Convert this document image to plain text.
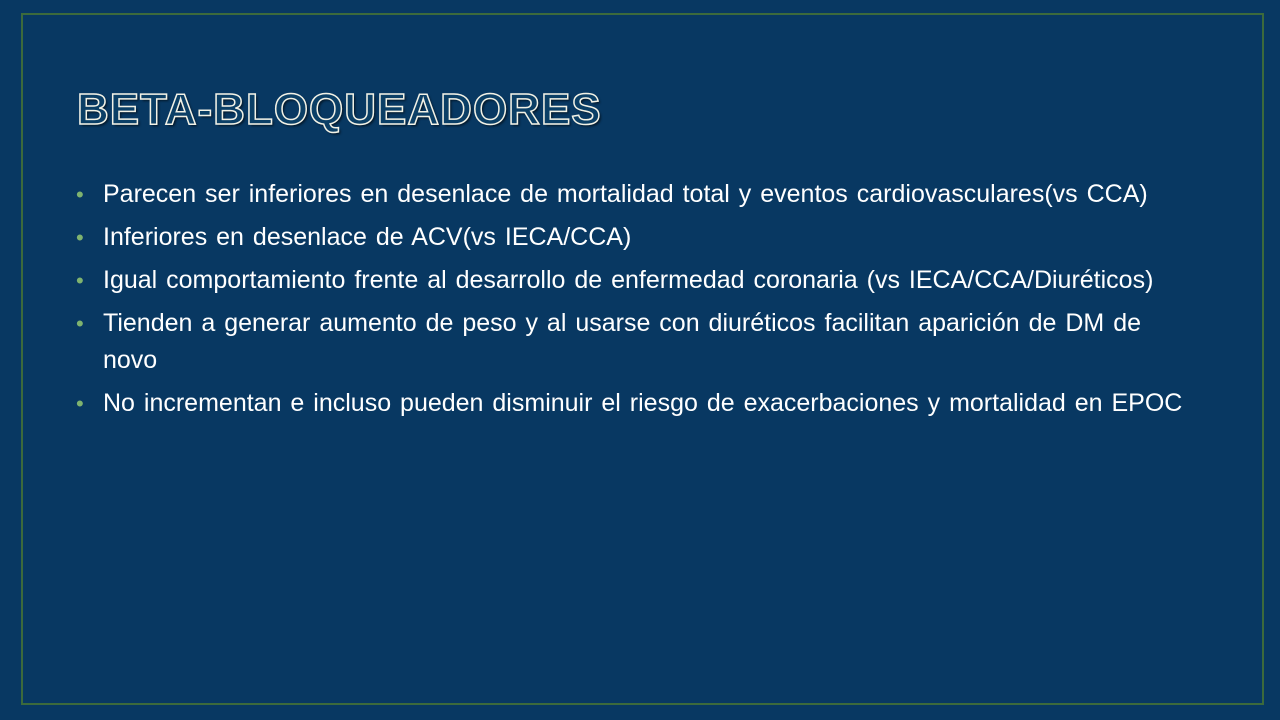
BETA-BLOQUEADORES
• Parecen ser inferiores en desenlace de mortalidad total y eventos cardiovasculares(vs CCA)
• Inferiores en desenlace de ACV(vs IECA/CCA)
• Igual comportamiento frente al desarrollo de enfermedad coronaria (vs IECA/CCA/Diuréticos)
• Tienden a generar aumento de peso y al usarse con diuréticos facilitan aparición de DM de novo
• No incrementan e incluso pueden disminuir el riesgo de exacerbaciones y mortalidad en EPOC
